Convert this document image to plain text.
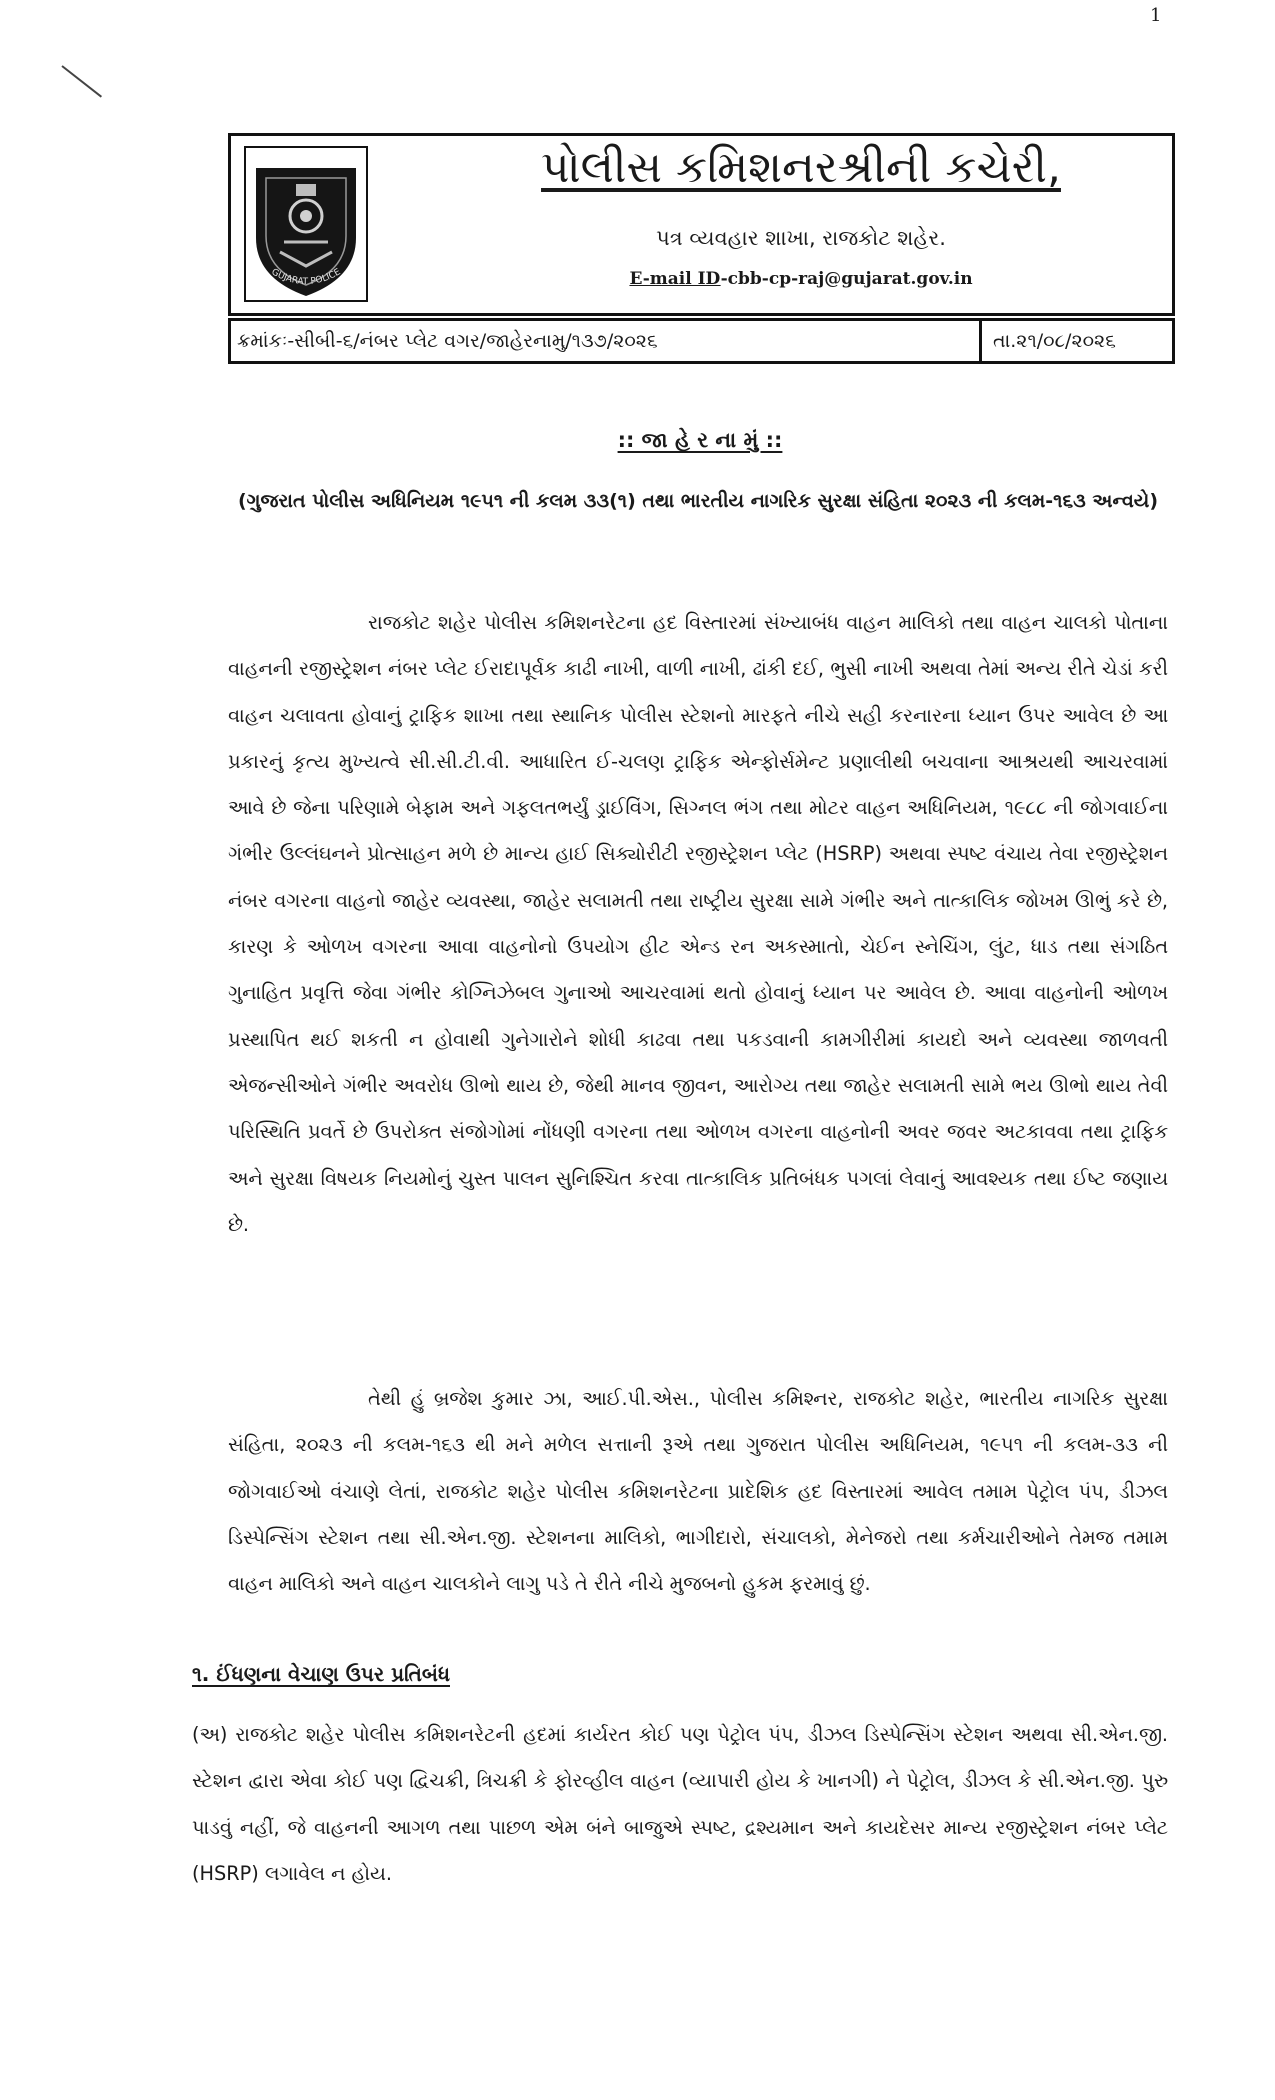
1
GUJARAT POLICE
પોલીસ કમિશનરશ્રીની કચેરી,
પત્ર વ્યવહાર શાખા, રાજકોટ શહેર.
E-mail ID-cbb-cp-raj@gujarat.gov.in
ક્રમાંકઃ-સીબી-૬/નંબર પ્લેટ વગર/જાહેરનામુ/૧૩૭/૨૦૨૬	તા.૨૧/૦૮/૨૦૨૬
:: જા હે ર ના મું ::
(ગુજરાત પોલીસ અધિનિયમ ૧૯૫૧ ની કલમ ૩૩(૧) તથા ભારતીય નાગરિક સુરક્ષા સંહિતા ૨૦૨૩ ની કલમ-૧૬૩ અન્વયે)
રાજકોટ શહેર પોલીસ કમિશનરેટના હદ વિસ્તારમાં સંખ્યાબંધ વાહન માલિકો તથા વાહન ચાલકો પોતાના વાહનની રજીસ્ટ્રેશન નંબર પ્લેટ ઈરાદાપૂર્વક કાઢી નાખી, વાળી નાખી, ઢાંકી દઈ, ભુસી નાખી અથવા તેમાં અન્ય રીતે ચેડાં કરી વાહન ચલાવતા હોવાનું ટ્રાફિક શાખા તથા સ્થાનિક પોલીસ સ્ટેશનો મારફતે નીચે સહી કરનારના ધ્યાન ઉપર આવેલ છે આ પ્રકારનું કૃત્ય મુખ્યત્વે સી.સી.ટી.વી. આધારિત ઈ-ચલણ ટ્રાફિક એન્ફોર્સમેન્ટ પ્રણાલીથી બચવાના આશ્રયથી આચરવામાં આવે છે જેના પરિણામે બેફામ અને ગફલતભર્યું ડ્રાઈવિંગ, સિગ્નલ ભંગ તથા મોટર વાહન અધિનિયમ, ૧૯૮૮ ની જોગવાઈના ગંભીર ઉલ્લંઘનને પ્રોત્સાહન મળે છે માન્ય હાઈ સિક્યોરીટી રજીસ્ટ્રેશન પ્લેટ (HSRP) અથવા સ્પષ્ટ વંચાય તેવા રજીસ્ટ્રેશન નંબર વગરના વાહનો જાહેર વ્યવસ્થા, જાહેર સલામતી તથા રાષ્ટ્રીય સુરક્ષા સામે ગંભીર અને તાત્કાલિક જોખમ ઊભું કરે છે, કારણ કે ઓળખ વગરના આવા વાહનોનો ઉપયોગ હીટ એન્ડ રન અકસ્માતો, ચેઈન સ્નેચિંગ, લુંટ, ધાડ તથા સંગઠિત ગુનાહિત પ્રવૃત્તિ જેવા ગંભીર કોગ્નિઝેબલ ગુનાઓ આચરવામાં થતો હોવાનું ધ્યાન પર આવેલ છે. આવા વાહનોની ઓળખ પ્રસ્થાપિત થઈ શકતી ન હોવાથી ગુનેગારોને શોધી કાઢવા તથા પકડવાની કામગીરીમાં કાયદો અને વ્યવસ્થા જાળવતી એજન્સીઓને ગંભીર અવરોધ ઊભો થાય છે, જેથી માનવ જીવન, આરોગ્ય તથા જાહેર સલામતી સામે ભય ઊભો થાય તેવી પરિસ્થિતિ પ્રવર્તે છે ઉપરોક્ત સંજોગોમાં નોંધણી વગરના તથા ઓળખ વગરના વાહનોની અવર જવર અટકાવવા તથા ટ્રાફિક અને સુરક્ષા વિષયક નિયમોનું ચુસ્ત પાલન સુનિશ્ચિત કરવા તાત્કાલિક પ્રતિબંધક પગલાં લેવાનું આવશ્યક તથા ઈષ્ટ જણાય છે.
તેથી હું બ્રજેશ કુમાર ઝા, આઈ.પી.એસ., પોલીસ કમિશ્નર, રાજકોટ શહેર, ભારતીય નાગરિક સુરક્ષા સંહિતા, ૨૦૨૩ ની કલમ-૧૬૩ થી મને મળેલ સત્તાની રૂએ તથા ગુજરાત પોલીસ અધિનિયમ, ૧૯૫૧ ની કલમ-૩૩ ની જોગવાઈઓ વંચાણે લેતાં, રાજકોટ શહેર પોલીસ કમિશનરેટના પ્રાદેશિક હદ વિસ્તારમાં આવેલ તમામ પેટ્રોલ પંપ, ડીઝલ ડિસ્પેન્સિંગ સ્ટેશન તથા સી.એન.જી. સ્ટેશનના માલિકો, ભાગીદારો, સંચાલકો, મેનેજરો તથા કર્મચારીઓને તેમજ તમામ વાહન માલિકો અને વાહન ચાલકોને લાગુ પડે તે રીતે નીચે મુજબનો હુકમ ફરમાવું છું.
૧. ઈંધણના વેચાણ ઉપર પ્રતિબંધ
(અ) રાજકોટ શહેર પોલીસ કમિશનરેટની હદમાં કાર્યરત કોઈ પણ પેટ્રોલ પંપ, ડીઝલ ડિસ્પેન્સિંગ સ્ટેશન અથવા સી.એન.જી. સ્ટેશન દ્વારા એવા કોઈ પણ દ્વિચક્રી, ત્રિચક્રી કે ફોરવ્હીલ વાહન (વ્યાપારી હોય કે ખાનગી) ને પેટ્રોલ, ડીઝલ કે સી.એન.જી. પુરુ પાડવું નહીં, જે વાહનની આગળ તથા પાછળ એમ બંને બાજુએ સ્પષ્ટ, દ્રશ્યમાન અને કાયદેસર માન્ય રજીસ્ટ્રેશન નંબર પ્લેટ (HSRP) લગાવેલ ન હોય.
